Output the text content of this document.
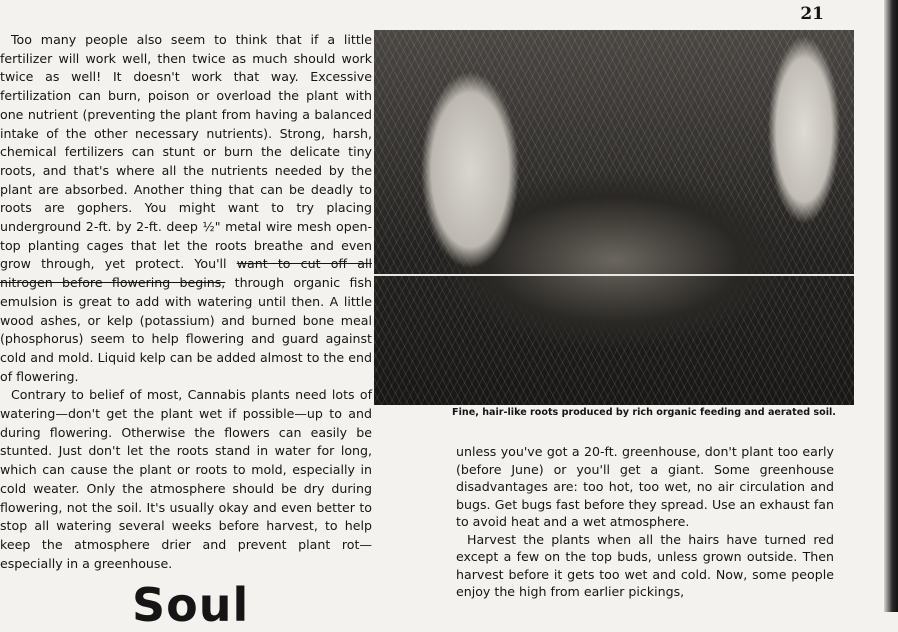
21

Too many people also seem to think that if a little fertilizer will work well, then twice as much should work twice as well! It doesn't work that way. Excessive fertilization can burn, poison or overload the plant with one nutrient (preventing the plant from having a balanced intake of the other necessary nutrients). Strong, harsh, chemical fertilizers can stunt or burn the delicate tiny roots, and that's where all the nutrients needed by the plant are absorbed. Another thing that can be deadly to roots are gophers. You might want to try placing underground 2-ft. by 2-ft. deep ½" metal wire mesh open-top planting cages that let the roots breathe and even grow through, yet protect. You'll want to cut off all nitrogen before flowering begins, through organic fish emulsion is great to add with watering until then. A little wood ashes, or kelp (potassium) and burned bone meal (phosphorus) seem to help flowering and guard against cold and mold. Liquid kelp can be added almost to the end of flowering.

Contrary to belief of most, Cannabis plants need lots of watering—don't get the plant wet if possible—up to and during flowering. Otherwise the flowers can easily be stunted. Just don't let the roots stand in water for long, which can cause the plant or roots to mold, especially in cold weater. Only the atmosphere should be dry during flowering, not the soil. It's usually okay and even better to stop all watering several weeks before harvest, to help keep the atmosphere drier and prevent plant rot—especially in a greenhouse.

Fine, hair-like roots produced by rich organic feeding and aerated soil.

unless you've got a 20-ft. greenhouse, don't plant too early (before June) or you'll get a giant. Some greenhouse disadvantages are: too hot, too wet, no air circulation and bugs. Get bugs fast before they spread. Use an exhaust fan to avoid heat and a wet atmosphere.

Harvest the plants when all the hairs have turned red except a few on the top buds, unless grown outside. Then harvest before it gets too wet and cold. Now, some people enjoy the high from earlier pickings,

Soul
